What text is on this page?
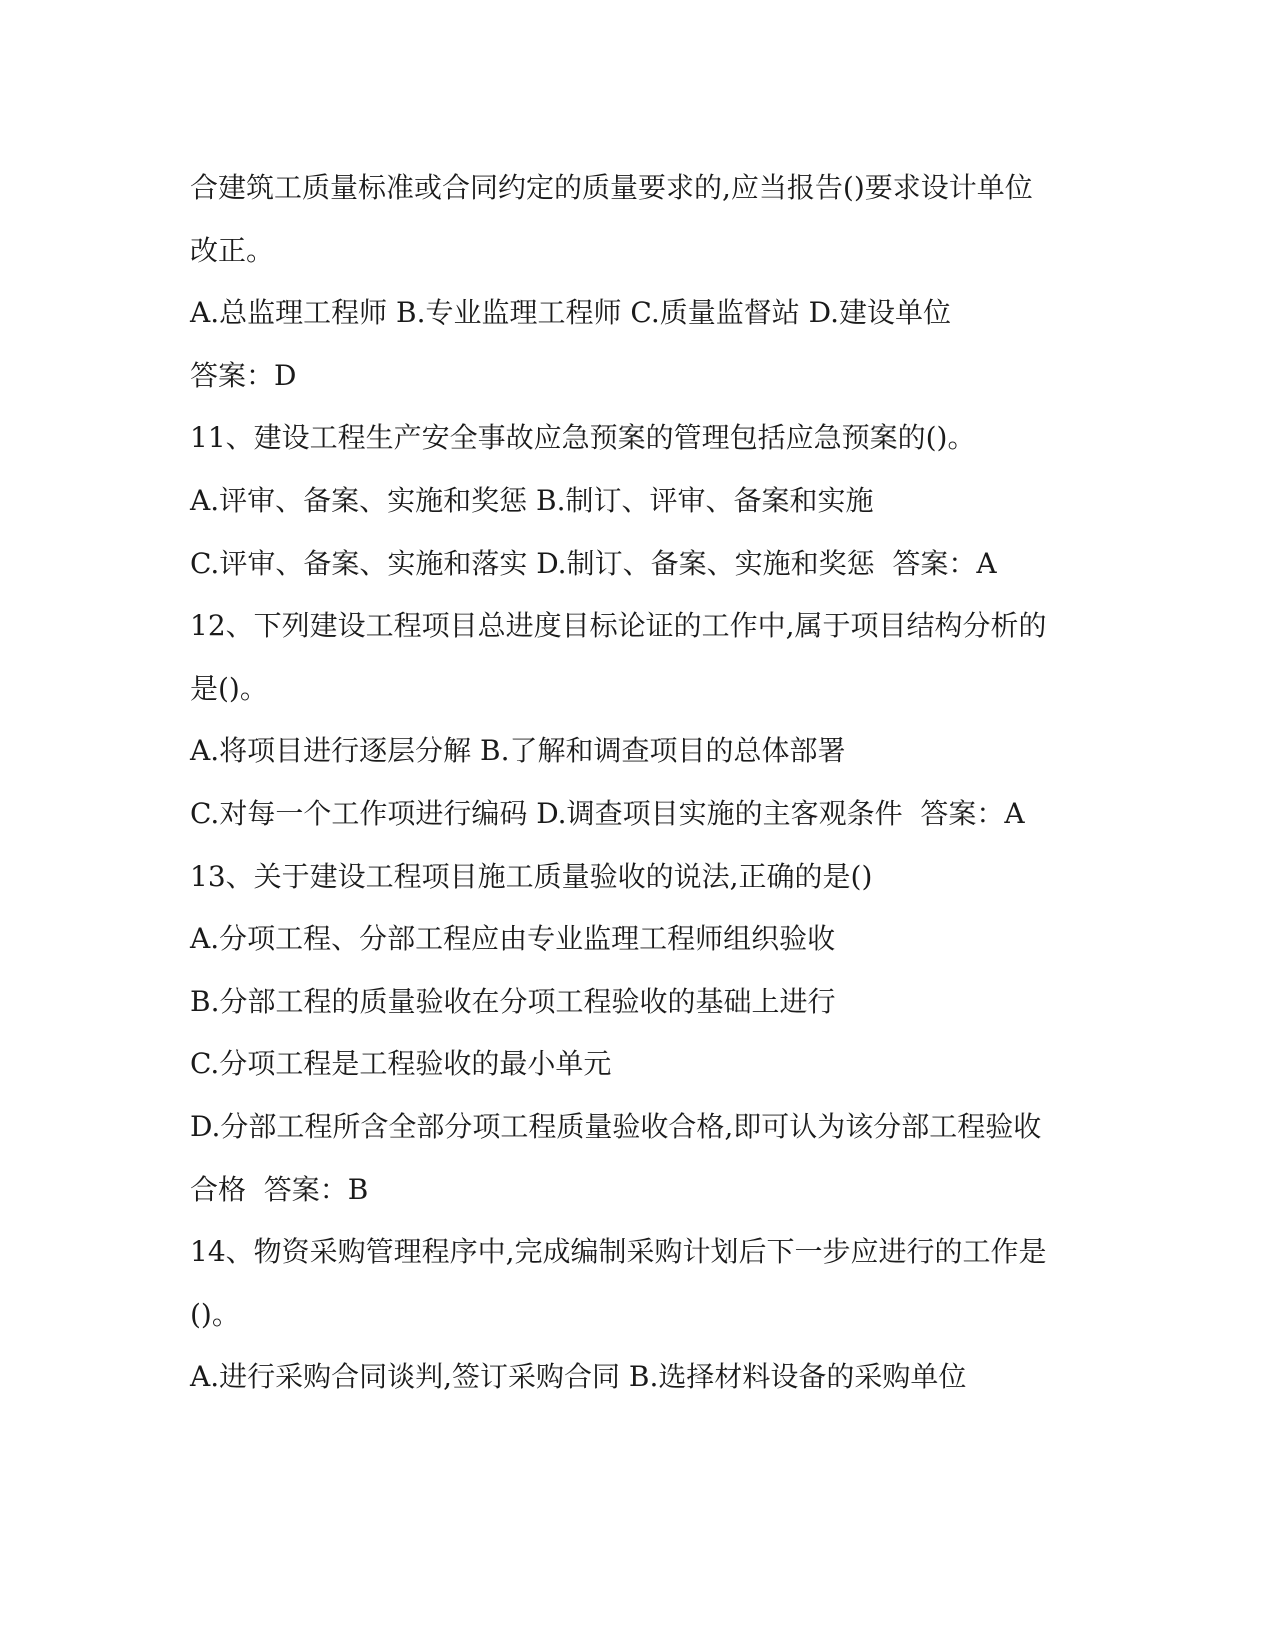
合建筑工质量标准或合同约定的质量要求的,应当报告()要求设计单位
改正。
A.总监理工程师 B.专业监理工程师 C.质量监督站 D.建设单位
答案：D
11、建设工程生产安全事故应急预案的管理包括应急预案的()。
A.评审、备案、实施和奖惩 B.制订、评审、备案和实施
C.评审、备案、实施和落实 D.制订、备案、实施和奖惩  答案：A
12、下列建设工程项目总进度目标论证的工作中,属于项目结构分析的
是()。
A.将项目进行逐层分解 B.了解和调查项目的总体部署
C.对每一个工作项进行编码 D.调查项目实施的主客观条件  答案：A
13、关于建设工程项目施工质量验收的说法,正确的是()
A.分项工程、分部工程应由专业监理工程师组织验收
B.分部工程的质量验收在分项工程验收的基础上进行
C.分项工程是工程验收的最小单元
D.分部工程所含全部分项工程质量验收合格,即可认为该分部工程验收
合格  答案：B
14、物资采购管理程序中,完成编制采购计划后下一步应进行的工作是
()。
A.进行采购合同谈判,签订采购合同 B.选择材料设备的采购单位
